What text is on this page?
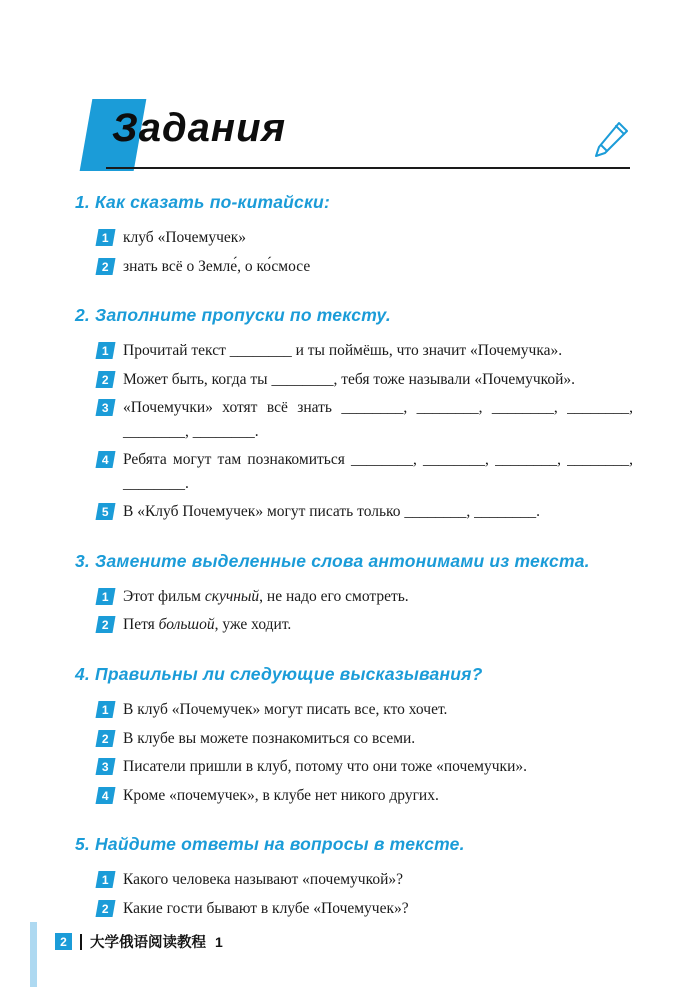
Задания
1. Как сказать по-китайски:
1 клуб «Почемучек»
2 знать всё о Земле́, о ко́смосе
2. Заполните пропуски по тексту.
1 Прочитай текст ________ и ты поймёшь, что значит «Почемучка».
2 Может быть, когда ты ________, тебя тоже называли «Почемучкой».
3 «Почемучки» хотят всё знать ________, ________, ________, ________, ________, ________.
4 Ребята могут там познакомиться ________, ________, ________, ________, ________.
5 В «Клуб Почемучек» могут писать только ________, ________.
3. Замените выделенные слова антонимами из текста.
1 Этот фильм скучный, не надо его смотреть.
2 Петя большой, уже ходит.
4. Правильны ли следующие высказывания?
1 В клуб «Почемучек» могут писать все, кто хочет.
2 В клубе вы можете познакомиться со всеми.
3 Писатели пришли в клуб, потому что они тоже «почемучки».
4 Кроме «почемучек», в клубе нет никого других.
5. Найдите ответы на вопросы в тексте.
1 Какого человека называют «почемучкой»?
2 Какие гости бывают в клубе «Почемучек»?
2	大学俄语阅读教程 1
